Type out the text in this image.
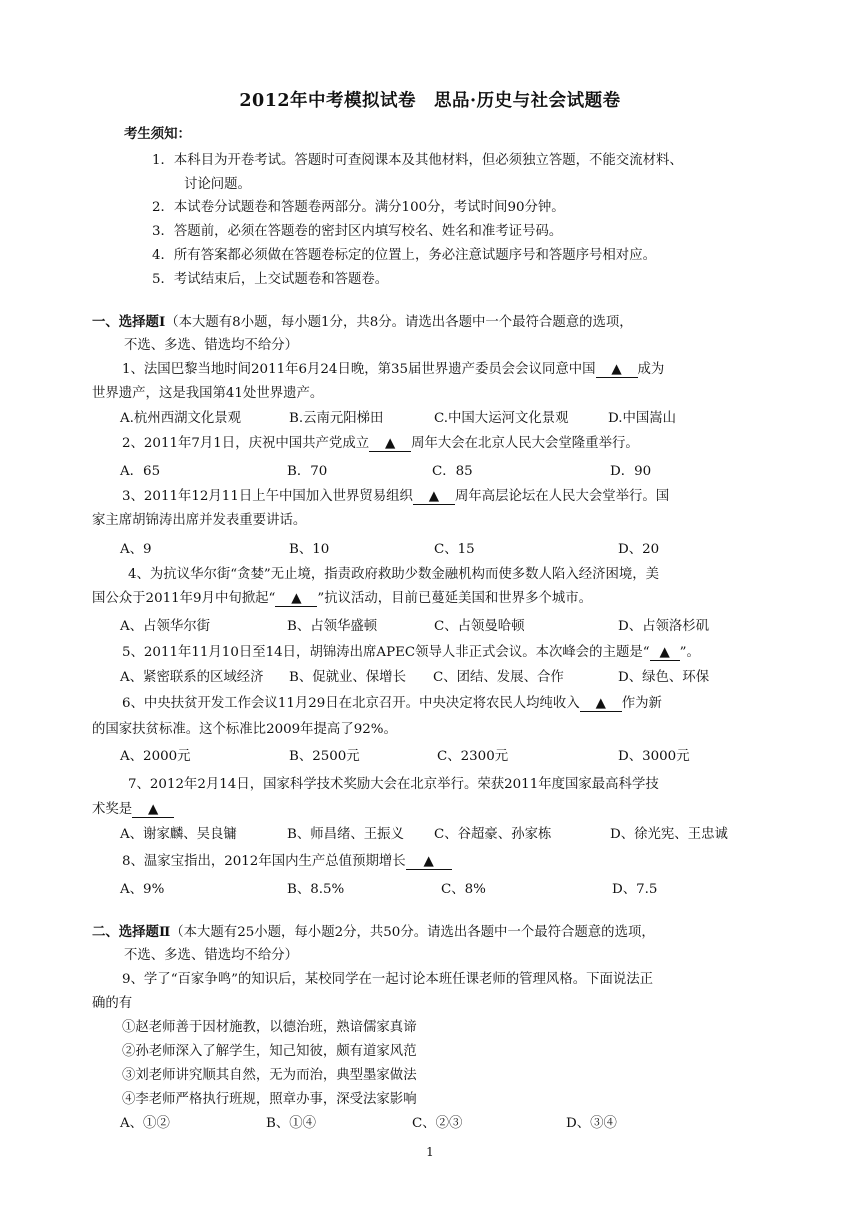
2012年中考模拟试卷　思品·历史与社会试题卷
考生须知：
1．本科目为开卷考试。答题时可查阅课本及其他材料，但必须独立答题，不能交流材料、
讨论问题。
2．本试卷分试题卷和答题卷两部分。满分100分，考试时间90分钟。
3．答题前，必须在答题卷的密封区内填写校名、姓名和准考证号码。
4．所有答案都必须做在答题卷标定的位置上，务必注意试题序号和答题序号相对应。
5．考试结束后，上交试题卷和答题卷。
一、选择题Ⅰ（本大题有8小题，每小题1分，共8分。请选出各题中一个最符合题意的选项，
不选、多选、错选均不给分）
1、法国巴黎当地时间2011年6月24日晚，第35届世界遗产委员会会议同意中国 ▲ 成为
世界遗产，这是我国第41处世界遗产。
A.杭州西湖文化景观	B.云南元阳梯田	C.中国大运河文化景观	D.中国嵩山
2、2011年7月1日，庆祝中国共产党成立 ▲ 周年大会在北京人民大会堂隆重举行。
A．65	B．70	C．85	D．90
3、2011年12月11日上午中国加入世界贸易组织 ▲ 周年高层论坛在人民大会堂举行。国
家主席胡锦涛出席并发表重要讲话。
A、9	B、10	C、15	D、20
4、为抗议华尔街“贪婪”无止境，指责政府救助少数金融机构而使多数人陷入经济困境，美
国公众于2011年9月中旬掀起“ ▲ ”抗议活动，目前已蔓延美国和世界多个城市。
A、占领华尔街	B、占领华盛顿	C、占领曼哈顿	D、占领洛杉矶
5、2011年11月10日至14日，胡锦涛出席APEC领导人非正式会议。本次峰会的主题是“ ▲ ”。
A、紧密联系的区域经济 B、促就业、保增长 C、团结、发展、合作	D、绿色、环保
6、中央扶贫开发工作会议11月29日在北京召开。中央决定将农民人均纯收入 ▲ 作为新
的国家扶贫标准。这个标准比2009年提高了92%。
A、2000元	B、2500元	C、2300元	D、3000元
7、2012年2月14日，国家科学技术奖励大会在北京举行。荣获2011年度国家最高科学技
术奖是 ▲
A、谢家麟、吴良镛	B、师昌绪、王振义 C、谷超豪、孙家栋	D、徐光宪、王忠诚
8、温家宝指出，2012年国内生产总值预期增长 ▲
A、9%	B、8.5%	C、8%	D、7.5
二、选择题Ⅱ（本大题有25小题，每小题2分，共50分。请选出各题中一个最符合题意的选项，
不选、多选、错选均不给分）
9、学了“百家争鸣”的知识后，某校同学在一起讨论本班任课老师的管理风格。下面说法正
确的有
①赵老师善于因材施教，以德治班，熟谙儒家真谛
②孙老师深入了解学生，知己知彼，颇有道家风范
③刘老师讲究顺其自然，无为而治，典型墨家做法
④李老师严格执行班规，照章办事，深受法家影响
A、①②	B、①④	C、②③	D、③④
1
